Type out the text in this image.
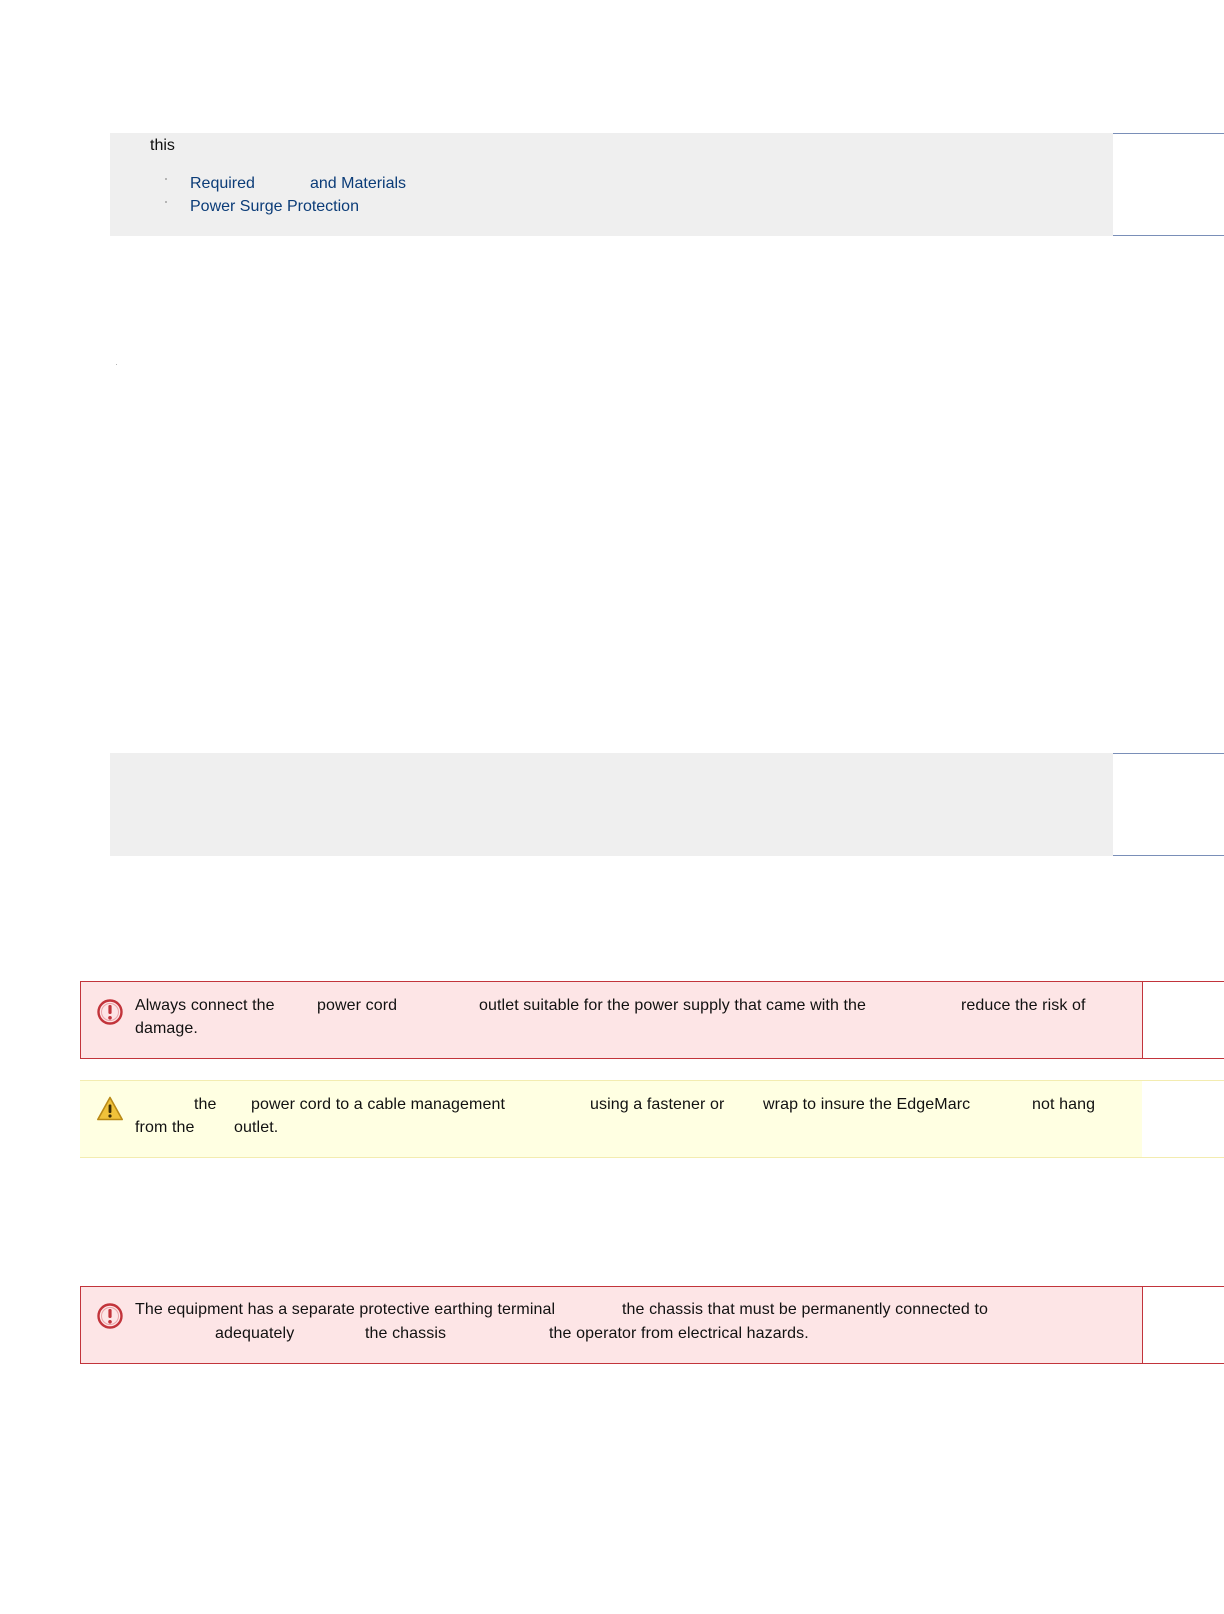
this
Required	and Materials
Power Surge Protection
Always connect the	power cord	outlet suitable for the power supply that came with the	reduce the risk of
damage.
the power cord to a cable management	using a fastener or wrap to insure the EdgeMarc	not hang
from the outlet.
The equipment has a separate protective earthing terminal	the chassis that must be permanently connected to
adequately	the chassis	the operator from electrical hazards.
